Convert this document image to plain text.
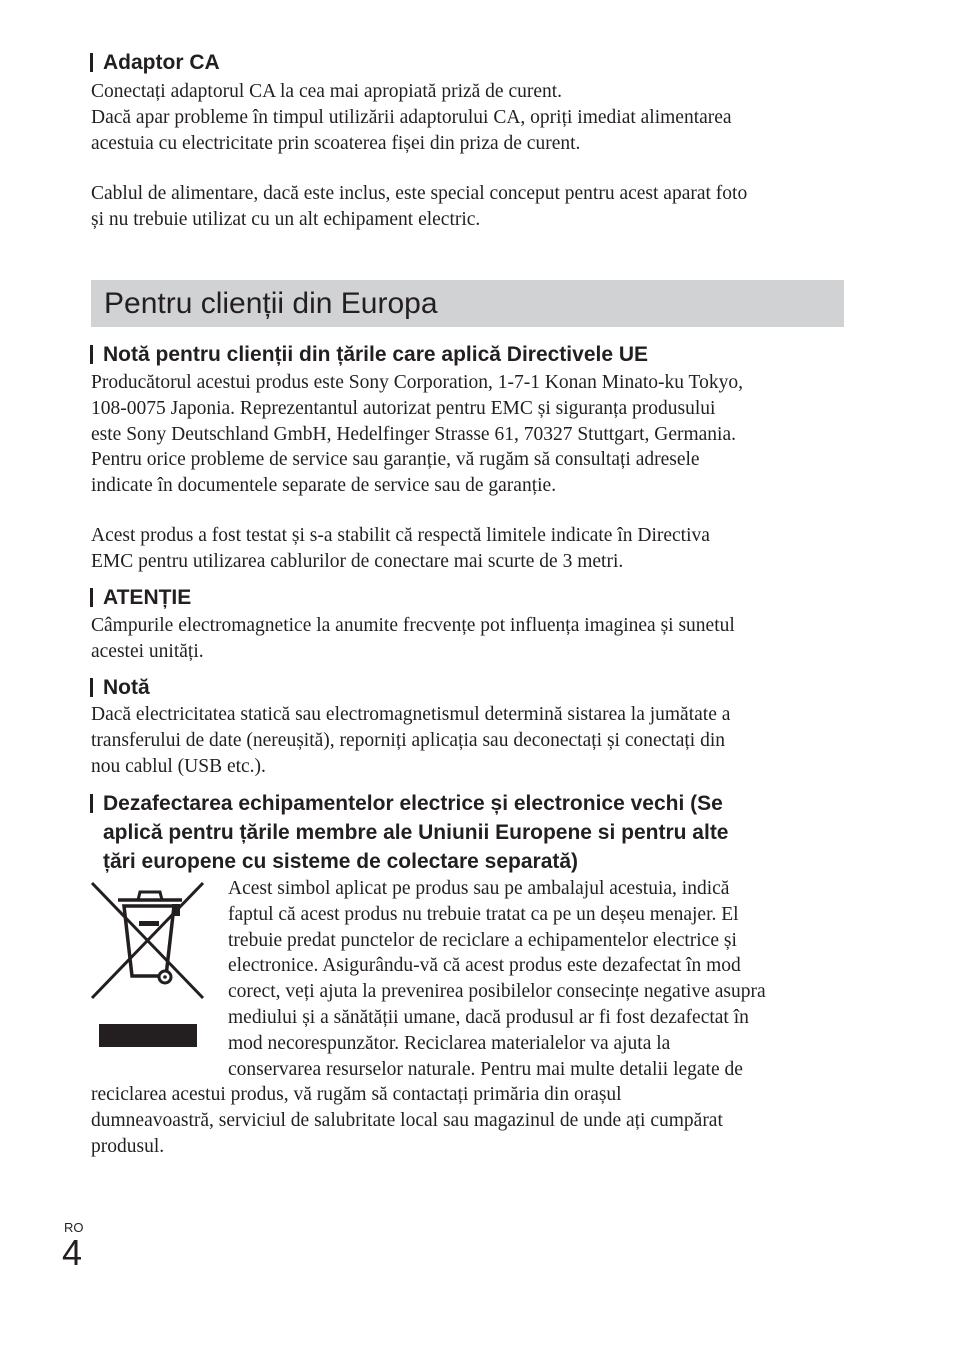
Adaptor CA

Conectați adaptorul CA la cea mai apropiată priză de curent.
Dacă apar probleme în timpul utilizării adaptorului CA, opriți imediat alimentarea
acestuia cu electricitate prin scoaterea fișei din priza de curent.

Cablul de alimentare, dacă este inclus, este special conceput pentru acest aparat foto
și nu trebuie utilizat cu un alt echipament electric.

Pentru clienții din Europa
Notă pentru clienții din țările care aplică Directivele UE

Producătorul acestui produs este Sony Corporation, 1-7-1 Konan Minato-ku Tokyo,
108-0075 Japonia. Reprezentantul autorizat pentru EMC și siguranța produsului
este Sony Deutschland GmbH, Hedelfinger Strasse 61, 70327 Stuttgart, Germania.
Pentru orice probleme de service sau garanție, vă rugăm să consultați adresele
indicate în documentele separate de service sau de garanție.

Acest produs a fost testat și s-a stabilit că respectă limitele indicate în Directiva
EMC pentru utilizarea cablurilor de conectare mai scurte de 3 metri.

ATENȚIE

Câmpurile electromagnetice la anumite frecvențe pot influența imaginea și sunetul
acestei unități.

Notă

Dacă electricitatea statică sau electromagnetismul determină sistarea la jumătate a
transferului de date (nereușită), reporniți aplicația sau deconectați și conectați din
nou cablul (USB etc.).

Dezafectarea echipamentelor electrice și electronice vechi (Se
aplică pentru țările membre ale Uniunii Europene si pentru alte
țări europene cu sisteme de colectare separată)

Acest simbol aplicat pe produs sau pe ambalajul acestuia, indică
faptul că acest produs nu trebuie tratat ca pe un deșeu menajer. El
trebuie predat punctelor de reciclare a echipamentelor electrice și
electronice. Asigurându-vă că acest produs este dezafectat în mod
corect, veți ajuta la prevenirea posibilelor consecințe negative asupra
mediului și a sănătății umane, dacă produsul ar fi fost dezafectat în
mod necorespunzător. Reciclarea materialelor va ajuta la
conservarea resurselor naturale. Pentru mai multe detalii legate de

reciclarea acestui produs, vă rugăm să contactați primăria din orașul
dumneavoastră, serviciul de salubritate local sau magazinul de unde ați cumpărat
produsul.

RO
4
